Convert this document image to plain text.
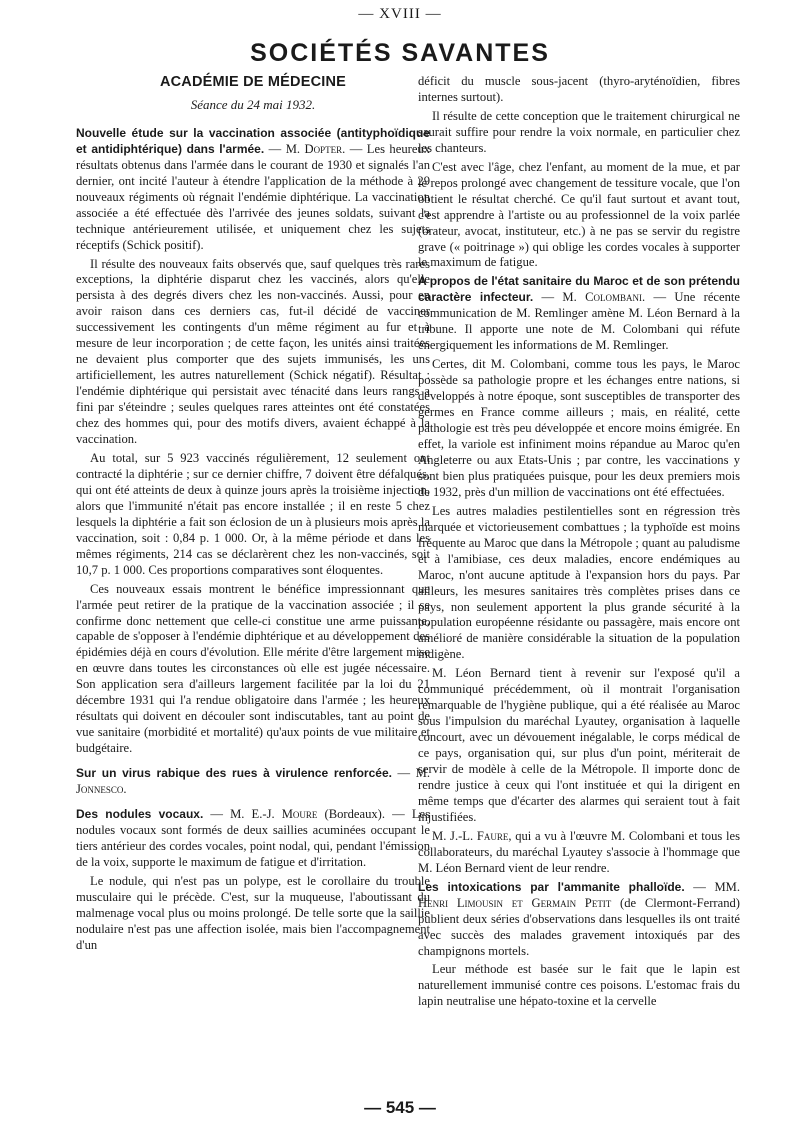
— XVIII —
SOCIÉTÉS SAVANTES
ACADÉMIE DE MÉDECINE
Séance du 24 mai 1932.

Nouvelle étude sur la vaccination associée (antityphoïdique et antidiphtérique) dans l'armée. — M. Dopter. — Les heureux résultats obtenus dans l'armée dans le courant de 1930 et signalés l'an dernier, ont incité l'auteur à étendre l'application de la méthode à 29 nouveaux régiments où régnait l'endémie diphtérique. La vaccination associée a été effectuée dès l'arrivée des jeunes soldats, suivant la technique antérieurement utilisée, et uniquement chez les sujets réceptifs (Schick positif).

Il résulte des nouveaux faits observés que, sauf quelques très rares exceptions, la diphtérie disparut chez les vaccinés, alors qu'elle persista à des degrés divers chez les non-vaccinés. Aussi, pour en avoir raison dans ces derniers cas, fut-il décidé de vacciner successivement les contingents d'un même régiment au fur et à mesure de leur incorporation ; de cette façon, les unités ainsi traitées ne devaient plus comporter que des sujets immunisés, les uns artificiellement, les autres naturellement (Schick négatif). Résultat : l'endémie diphtérique qui persistait avec ténacité dans leurs rangs a fini par s'éteindre ; seules quelques rares atteintes ont été constatées chez des hommes qui, pour des motifs divers, avaient échappé à la vaccination.

Au total, sur 5 923 vaccinés régulièrement, 12 seulement ont contracté la diphtérie ; sur ce dernier chiffre, 7 doivent être défalqués, qui ont été atteints de deux à quinze jours après la troisième injection, alors que l'immunité n'était pas encore installée ; il en reste 5 chez lesquels la diphtérie a fait son éclosion de un à plusieurs mois après la vaccination, soit : 0,84 p. 1 000. Or, à la même période et dans les mêmes régiments, 214 cas se déclarèrent chez les non-vaccinés, soit 10,7 p. 1 000. Ces proportions comparatives sont éloquentes.

Ces nouveaux essais montrent le bénéfice impressionnant que l'armée peut retirer de la pratique de la vaccination associée ; il se confirme donc nettement que celle-ci constitue une arme puissante, capable de s'opposer à l'endémie diphtérique et au développement des épidémies déjà en cours d'évolution. Elle mérite d'être largement mise en œuvre dans toutes les circonstances où elle est jugée nécessaire. Son application sera d'ailleurs largement facilitée par la loi du 21 décembre 1931 qui l'a rendue obligatoire dans l'armée ; les heureux résultats qui doivent en découler sont indiscutables, tant au point de vue sanitaire (morbidité et mortalité) qu'aux points de vue militaire et budgétaire.

Sur un virus rabique des rues à virulence renforcée. — M. Jonnesco.

Des nodules vocaux. — M. E.-J. Moure (Bordeaux). — Les nodules vocaux sont formés de deux saillies acuminées occupant le tiers antérieur des cordes vocales, point nodal, qui, pendant l'émission de la voix, supporte le maximum de fatigue et d'irritation.

Le nodule, qui n'est pas un polype, est le corollaire du trouble musculaire qui le précède. C'est, sur la muqueuse, l'aboutissant du malmenage vocal plus ou moins prolongé. De telle sorte que la saillie nodulaire n'est pas une affection isolée, mais bien l'accompagnement d'un

déficit du muscle sous-jacent (thyro-aryténoïdien, fibres internes surtout).

Il résulte de cette conception que le traitement chirurgical ne saurait suffire pour rendre la voix normale, en particulier chez les chanteurs.

C'est avec l'âge, chez l'enfant, au moment de la mue, et par le repos prolongé avec changement de tessiture vocale, que l'on obtient le résultat cherché. Ce qu'il faut surtout et avant tout, c'est apprendre à l'artiste ou au professionnel de la voix parlée (orateur, avocat, instituteur, etc.) à ne pas se servir du registre grave (« poitrinage ») qui oblige les cordes vocales à supporter le maximum de fatigue.

A propos de l'état sanitaire du Maroc et de son prétendu caractère infecteur. — M. Colombani. — Une récente communication de M. Remlinger amène M. Léon Bernard à la tribune. Il apporte une note de M. Colombani qui réfute énergiquement les informations de M. Remlinger.

Certes, dit M. Colombani, comme tous les pays, le Maroc possède sa pathologie propre et les échanges entre nations, si développés à notre époque, sont susceptibles de transporter des germes en France comme ailleurs ; mais, en réalité, cette pathologie est très peu développée et encore moins émigrée. En effet, la variole est infiniment moins répandue au Maroc qu'en Angleterre ou aux Etats-Unis ; par contre, les vaccinations y sont bien plus pratiquées puisque, pour les deux premiers mois de 1932, près d'un million de vaccinations ont été effectuées.

Les autres maladies pestilentielles sont en régression très marquée et victorieusement combattues ; la typhoïde est moins fréquente au Maroc que dans la Métropole ; quant au paludisme et à l'amibiase, ces deux maladies, encore endémiques au Maroc, n'ont aucune aptitude à l'expansion hors du pays. Par ailleurs, les mesures sanitaires très complètes prises dans ce pays, non seulement apportent la plus grande sécurité à la population européenne résidante ou passagère, mais encore ont amélioré de manière considérable la situation de la population indigène.

M. Léon Bernard tient à revenir sur l'exposé qu'il a communiqué précédemment, où il montrait l'organisation remarquable de l'hygiène publique, qui a été réalisée au Maroc sous l'impulsion du maréchal Lyautey, organisation à laquelle concourt, avec un dévouement inégalable, le corps médical de ce pays, organisation qui, sur plus d'un point, mériterait de servir de modèle à celle de la Métropole. Il importe donc de rendre justice à ceux qui l'ont instituée et qui la dirigent en même temps que d'écarter des alarmes qui seraient tout à fait injustifiées.

M. J.-L. Faure, qui a vu à l'œuvre M. Colombani et tous les collaborateurs, du maréchal Lyautey s'associe à l'hommage que M. Léon Bernard vient de leur rendre.

Les intoxications par l'ammanite phalloïde. — MM. Henri Limousin et Germain Petit (de Clermont-Ferrand) publient deux séries d'observations dans lesquelles ils ont traité avec succès des malades gravement intoxiqués par des champignons mortels.

Leur méthode est basée sur le fait que le lapin est naturellement immunisé contre ces poisons. L'estomac frais du lapin neutralise une hépato-toxine et la cervelle

— 545 —
